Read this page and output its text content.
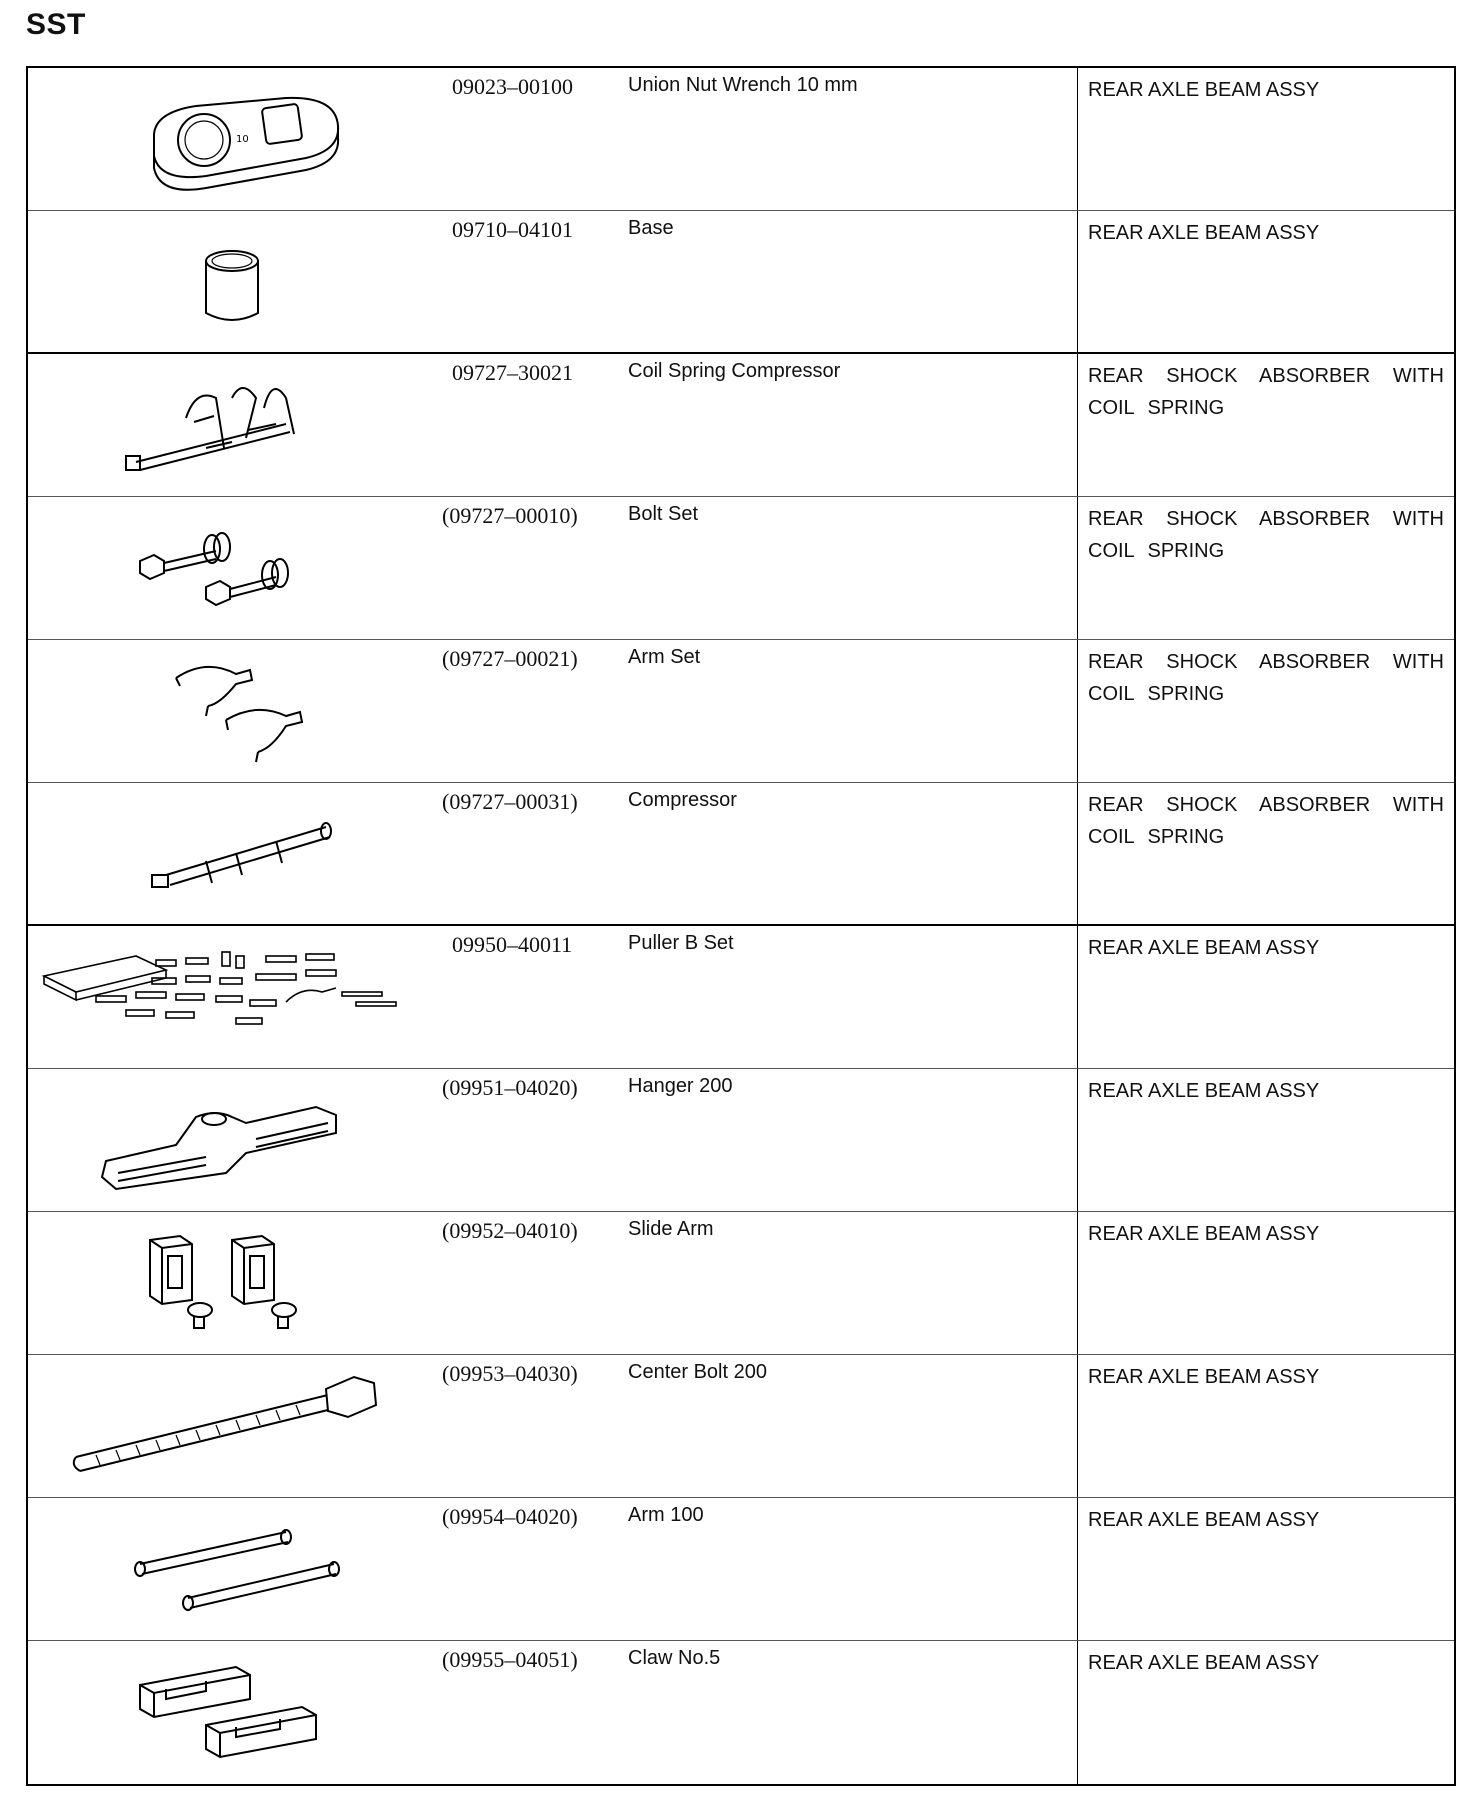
SST
10
09023–00100	Union Nut Wrench 10 mm	REAR AXLE BEAM ASSY
09710–04101	Base	REAR AXLE BEAM ASSY
09727–30021	Coil Spring Compressor	REAR SHOCK ABSORBER WITH COIL SPRING
(09727–00010)	Bolt Set	REAR SHOCK ABSORBER WITH COIL SPRING
(09727–00021)	Arm Set	REAR SHOCK ABSORBER WITH COIL SPRING
(09727–00031)	Compressor	REAR SHOCK ABSORBER WITH COIL SPRING
09950–40011	Puller B Set	REAR AXLE BEAM ASSY
(09951–04020)	Hanger 200	REAR AXLE BEAM ASSY
(09952–04010)	Slide Arm	REAR AXLE BEAM ASSY
(09953–04030)	Center Bolt 200	REAR AXLE BEAM ASSY
(09954–04020)	Arm 100	REAR AXLE BEAM ASSY
(09955–04051)	Claw No.5	REAR AXLE BEAM ASSY
